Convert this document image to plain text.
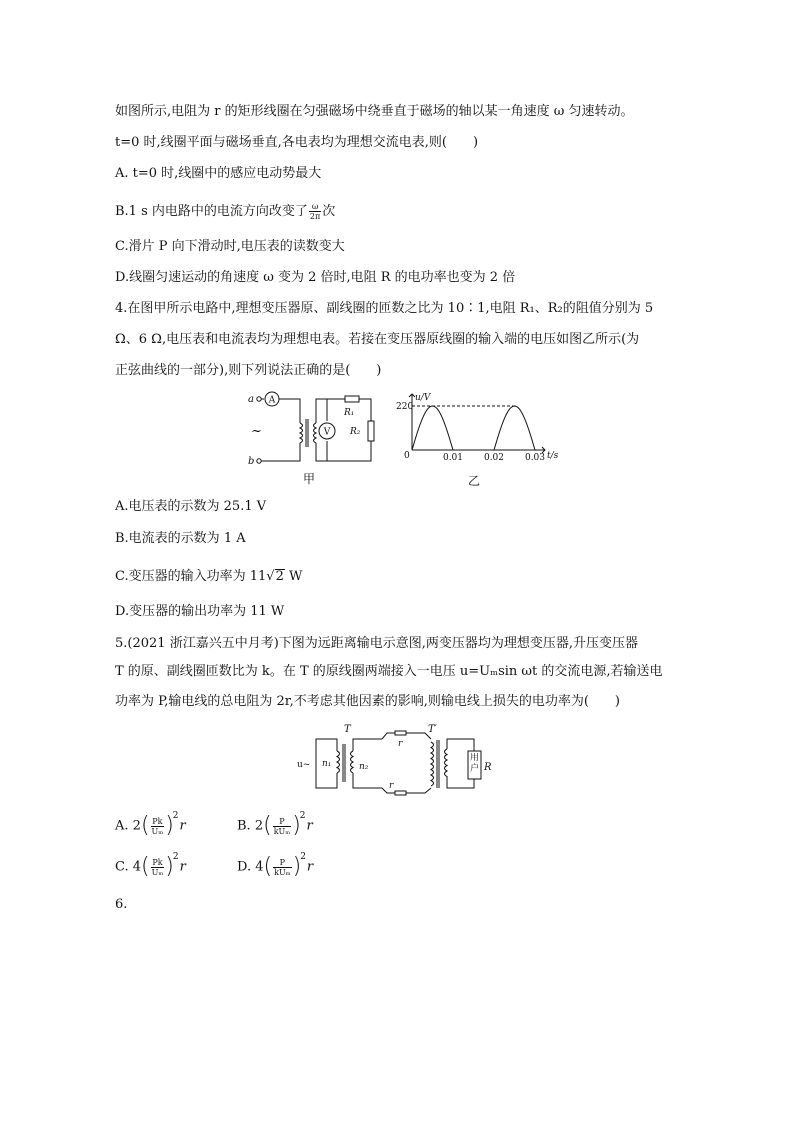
如图所示,电阻为 r 的矩形线圈在匀强磁场中绕垂直于磁场的轴以某一角速度 ω 匀速转动。
t=0 时,线圈平面与磁场垂直,各电表均为理想交流电表,则(　　)
A. t=0 时,线圈中的感应电动势最大
B.1 s 内电路中的电流方向改变了 $\frac{\omega}{2\pi}$ 次
C.滑片 P 向下滑动时,电压表的读数变大
D.线圈匀速运动的角速度 ω 变为 2 倍时,电阻 R 的电功率也变为 2 倍
4.在图甲所示电路中,理想变压器原、副线圈的匝数之比为 10∶1,电阻 R₁、R₂的阻值分别为 5
Ω、6 Ω,电压表和电流表均为理想电表。若接在变压器原线圈的输入端的电压如图乙所示(为
正弦曲线的一部分),则下列说法正确的是(　　)
a
b
A
V
~
R₁
R₂
甲
u/V
t/s
220
0	0.01 0.02 0.03
乙
A.电压表的示数为 25.1 V
B.电流表的示数为 1 A
C.变压器的输入功率为 11√2 W
D.变压器的输出功率为 11 W
5.(2021 浙江嘉兴五中月考)下图为远距离输电示意图,两变压器均为理想变压器,升压变压器
T 的原、副线圈匝数比为 k。在 T 的原线圈两端接入一电压 u=Uₘsin ωt 的交流电源,若输送电
功率为 P,输电线的总电阻为 2r,不考虑其他因素的影响,则输电线上损失的电功率为(　　)
u~ n₁	n₂
T	T′
r
r
R
用户
A. $2( \frac{Pk}{\text{Uₘ}} )^2r$	B. $2( \frac{P}{\text{kUₘ}} )^2r$
C. $4( \frac{Pk}{\text{Uₘ}} )^2r$	D. $4( \frac{P}{\text{kUₘ}} )^2r$
6.
